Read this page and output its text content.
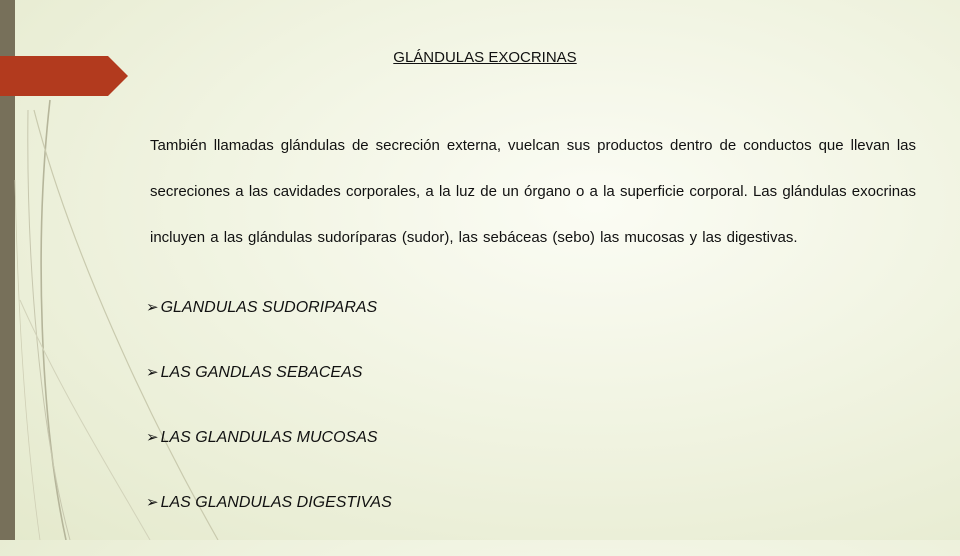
GLÁNDULAS EXOCRINAS

También llamadas glándulas de secreción externa, vuelcan sus productos dentro de conductos que llevan las secreciones a las cavidades corporales, a la luz de un órgano o a la superficie corporal. Las glándulas exocrinas incluyen a las glándulas sudoríparas (sudor), las sebáceas (sebo) las mucosas y las digestivas.

➢ GLANDULAS SUDORIPARAS
➢ LAS GANDLAS SEBACEAS
➢ LAS GLANDULAS MUCOSAS
➢ LAS GLANDULAS DIGESTIVAS
